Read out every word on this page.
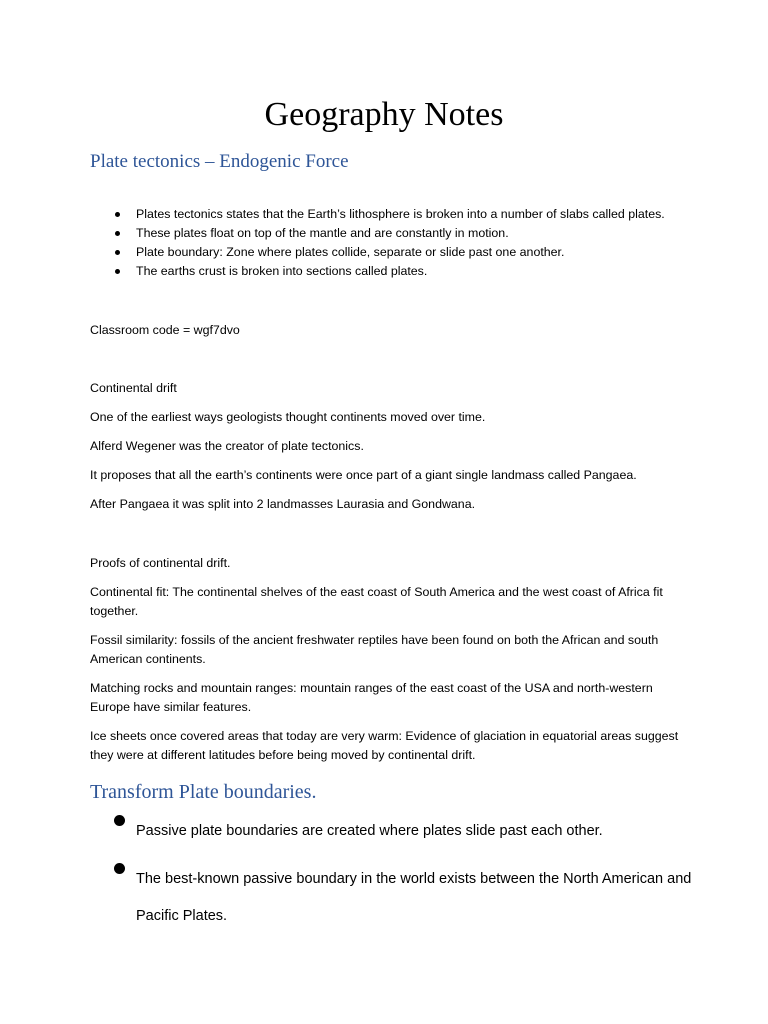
Geography Notes
Plate tectonics – Endogenic Force
Plates tectonics states that the Earth’s lithosphere is broken into a number of slabs called plates.
These plates float on top of the mantle and are constantly in motion.
Plate boundary: Zone where plates collide, separate or slide past one another.
The earths crust is broken into sections called plates.

Classroom code = wgf7dvo

Continental drift

One of the earliest ways geologists thought continents moved over time.

Alferd Wegener was the creator of plate tectonics.

It proposes that all the earth’s continents were once part of a giant single landmass called Pangaea.

After Pangaea it was split into 2 landmasses Laurasia and Gondwana.

Proofs of continental drift.

Continental fit: The continental shelves of the east coast of South America and the west coast of Africa fit together.

Fossil similarity: fossils of the ancient freshwater reptiles have been found on both the African and south American continents.

Matching rocks and mountain ranges: mountain ranges of the east coast of the USA and north-western Europe have similar features.

Ice sheets once covered areas that today are very warm: Evidence of glaciation in equatorial areas suggest they were at different latitudes before being moved by continental drift.

Transform Plate boundaries.
Passive plate boundaries are created where plates slide past each other.
The best-known passive boundary in the world exists between the North American and Pacific Plates.
